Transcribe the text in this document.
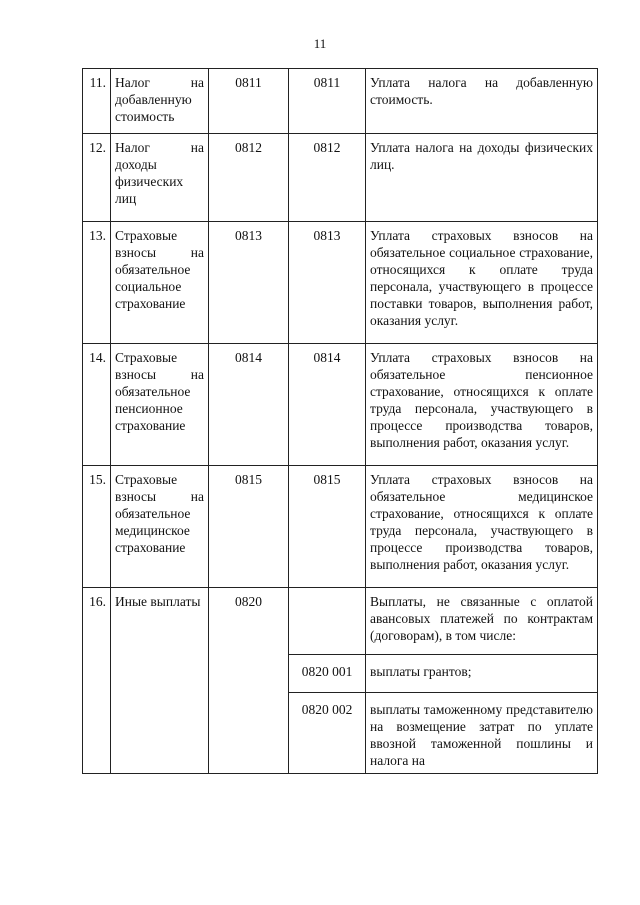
11
11.	Налог на добавленную стоимость	0811	0811	Уплата налога на добавленную стоимость.
12.	Налог на доходы физических лиц	0812	0812	Уплата налога на доходы физических лиц.
13.	Страховые взносы на обязательное социальное страхование	0813	0813	Уплата страховых взносов на обязательное социальное страхование, относящихся к оплате труда персонала, участвующего в процессе поставки товаров, выполнения работ, оказания услуг.
14.	Страховые взносы на обязательное пенсионное страхование	0814	0814	Уплата страховых взносов на обязательное пенсионное страхование, относящихся к оплате труда персонала, участвующего в процессе производства товаров, выполнения работ, оказания услуг.
15.	Страховые взносы на обязательное медицинское страхование	0815	0815	Уплата страховых взносов на обязательное медицинское страхование, относящихся к оплате труда персонала, участвующего в процессе производства товаров, выполнения работ, оказания услуг.
16.	Иные выплаты	0820		Выплаты, не связанные с оплатой авансовых платежей по контрактам (договорам), в том числе:
			0820 001	выплаты грантов;
			0820 002	выплаты таможенному представителю на возмещение затрат по уплате ввозной таможенной пошлины и налога на
